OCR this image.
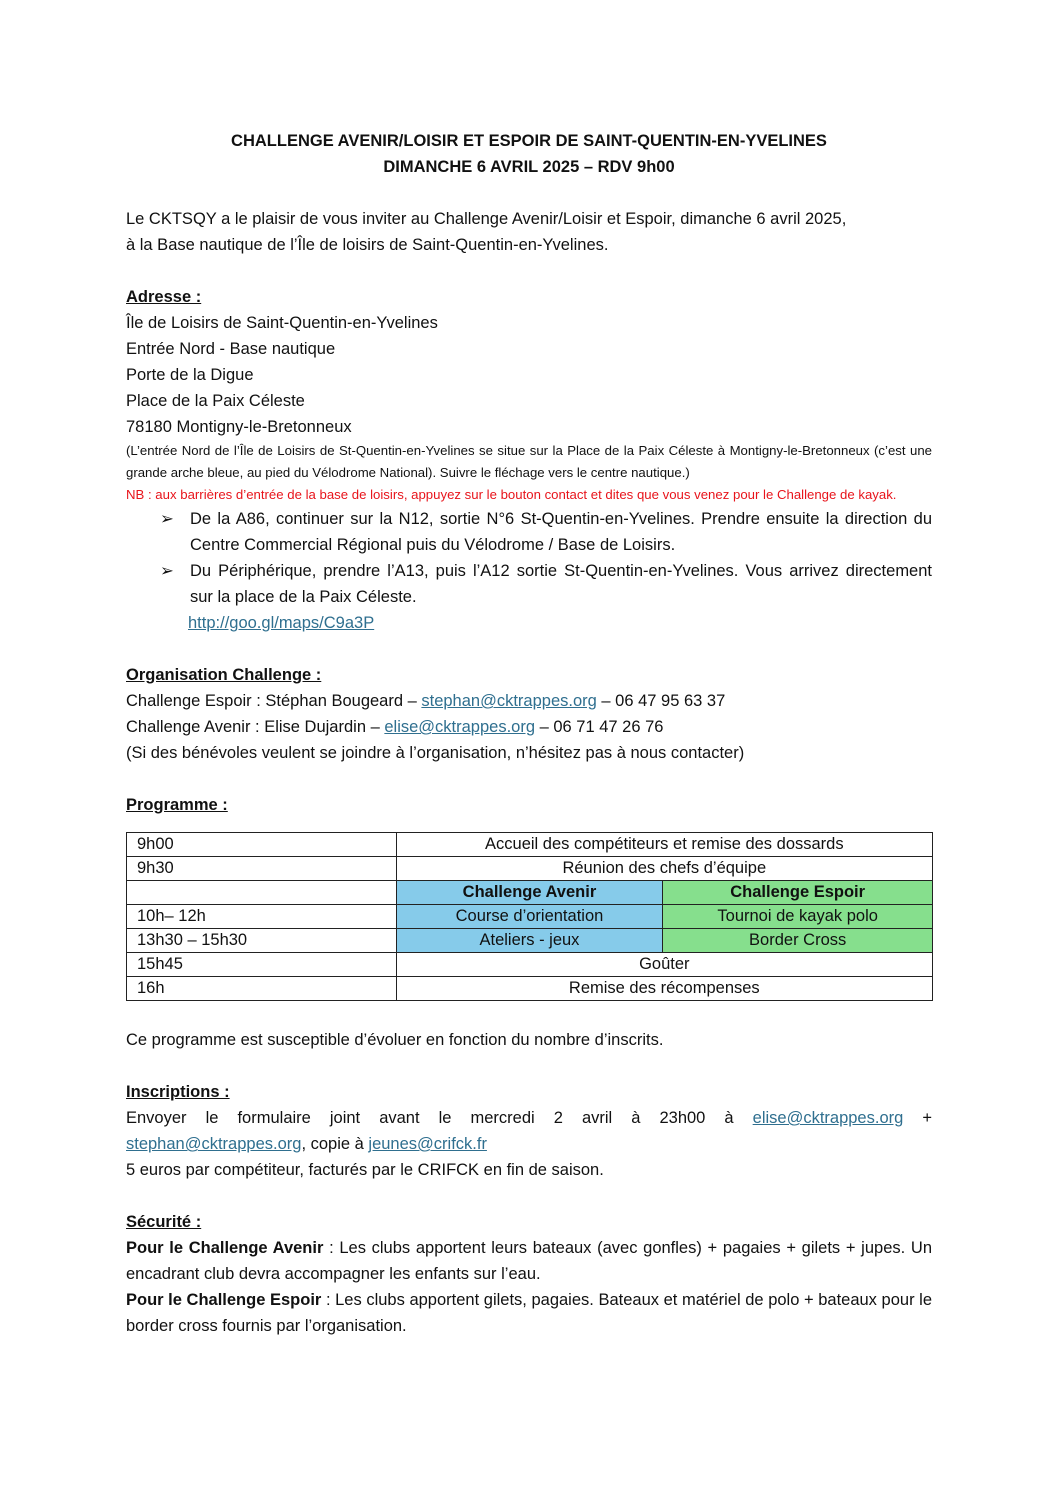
CHALLENGE AVENIR/LOISIR ET ESPOIR DE SAINT-QUENTIN-EN-YVELINES

DIMANCHE 6 AVRIL 2025 – RDV 9h00

Le CKTSQY a le plaisir de vous inviter au Challenge Avenir/Loisir et Espoir, dimanche 6 avril 2025,

à la Base nautique de l’Île de loisirs de Saint-Quentin-en-Yvelines.

Adresse :

Île de Loisirs de Saint-Quentin-en-Yvelines

Entrée Nord - Base nautique

Porte de la Digue

Place de la Paix Céleste

78180 Montigny-le-Bretonneux

(L’entrée Nord de l’Île de Loisirs de St-Quentin-en-Yvelines se situe sur la Place de la Paix Céleste à Montigny-le-Bretonneux (c’est une grande arche bleue, au pied du Vélodrome National). Suivre le fléchage vers le centre nautique.)

NB : aux barrières d’entrée de la base de loisirs, appuyez sur le bouton contact et dites que vous venez pour le Challenge de kayak.

➢ De la A86, continuer sur la N12, sortie N°6 St-Quentin-en-Yvelines. Prendre ensuite la direction du Centre Commercial Régional puis du Vélodrome / Base de Loisirs.
➢ Du Périphérique, prendre l’A13, puis l’A12 sortie St-Quentin-en-Yvelines. Vous arrivez directement sur la place de la Paix Céleste.
http://goo.gl/maps/C9a3P

Organisation Challenge :

Challenge Espoir : Stéphan Bougeard – stephan@cktrappes.org – 06 47 95 63 37

Challenge Avenir : Elise Dujardin – elise@cktrappes.org – 06 71 47 26 76

(Si des bénévoles veulent se joindre à l’organisation, n’hésitez pas à nous contacter)

Programme :

9h00	Accueil des compétiteurs et remise des dossards	
9h30	Réunion des chefs d’équipe	
	Challenge Avenir	Challenge Espoir
10h– 12h	Course d’orientation	Tournoi de kayak polo
13h30 – 15h30	Ateliers - jeux	Border Cross
15h45	Goûter	
16h	Remise des récompenses	

Ce programme est susceptible d’évoluer en fonction du nombre d’inscrits.

Inscriptions :

Envoyer le formulaire joint avant le mercredi 2 avril à 23h00 à elise@cktrappes.org +

stephan@cktrappes.org, copie à jeunes@crifck.fr

5 euros par compétiteur, facturés par le CRIFCK en fin de saison.

Sécurité :

Pour le Challenge Avenir : Les clubs apportent leurs bateaux (avec gonfles) + pagaies + gilets + jupes. Un encadrant club devra accompagner les enfants sur l’eau.

Pour le Challenge Espoir : Les clubs apportent gilets, pagaies. Bateaux et matériel de polo + bateaux pour le border cross fournis par l’organisation.
